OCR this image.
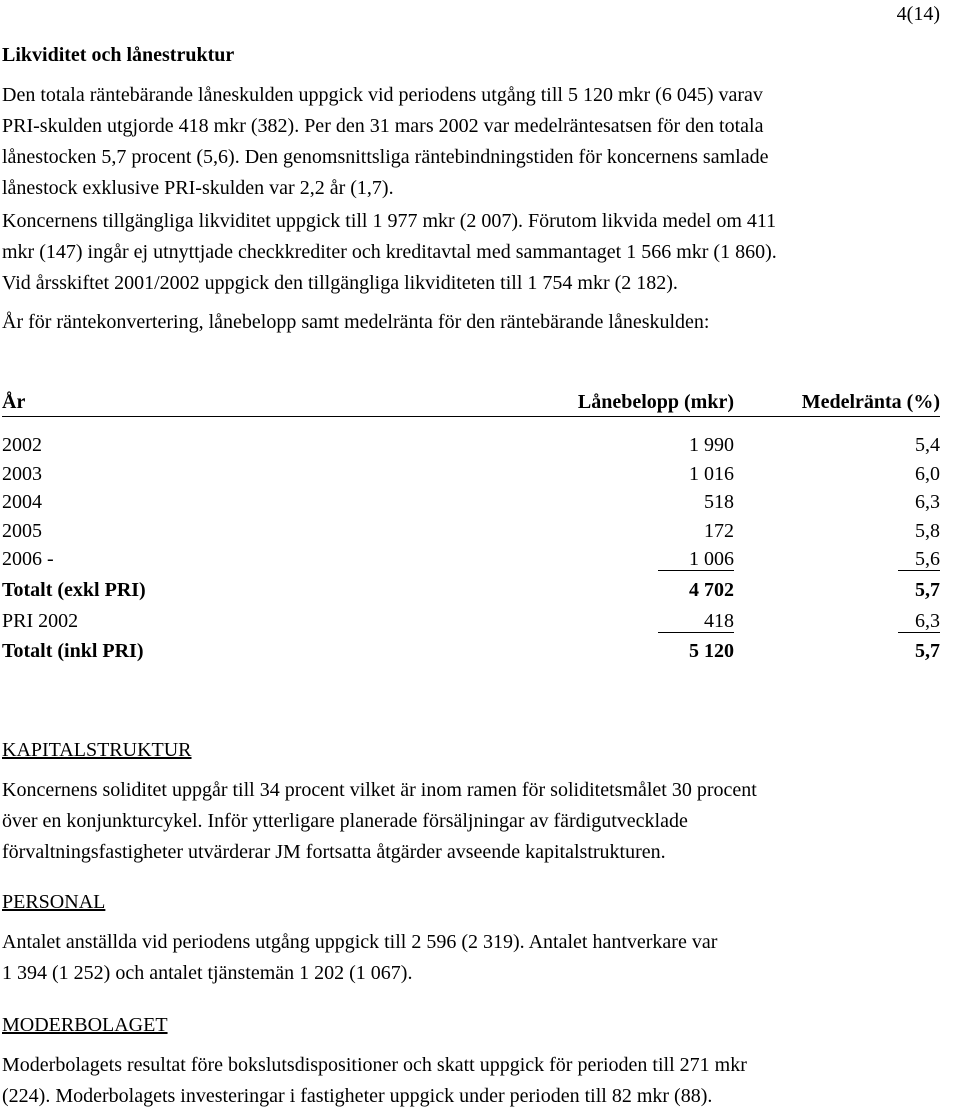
4(14)
Likviditet och lånestruktur

Den totala räntebärande låneskulden uppgick vid periodens utgång till 5 120 mkr (6 045) varav
PRI-skulden utgjorde 418 mkr (382). Per den 31 mars 2002 var medelräntesatsen för den totala
lånestocken 5,7 procent (5,6). Den genomsnittsliga räntebindningstiden för koncernens samlade
lånestock exklusive PRI-skulden var 2,2 år (1,7).

Koncernens tillgängliga likviditet uppgick till 1 977 mkr (2 007). Förutom likvida medel om 411
mkr (147) ingår ej utnyttjade checkkrediter och kreditavtal med sammantaget 1 566 mkr (1 860).
Vid årsskiftet 2001/2002 uppgick den tillgängliga likviditeten till 1 754 mkr (2 182).

År för räntekonvertering, lånebelopp samt medelränta för den räntebärande låneskulden:

År	Lånebelopp (mkr)	Medelränta (%)

2002	1 990	5,4
2003	1 016	6,0
2004	518	6,3
2005	172	5,8
2006 -	1 006	5,6
Totalt (exkl PRI)	4 702	5,7
PRI 2002	418	6,3
Totalt (inkl PRI)	5 120	5,7
KAPITALSTRUKTUR

Koncernens soliditet uppgår till 34 procent vilket är inom ramen för soliditetsmålet 30 procent
över en konjunkturcykel. Inför ytterligare planerade försäljningar av färdigutvecklade
förvaltningsfastigheter utvärderar JM fortsatta åtgärder avseende kapitalstrukturen.

PERSONAL

Antalet anställda vid periodens utgång uppgick till 2 596 (2 319). Antalet hantverkare var
1 394 (1 252) och antalet tjänstemän 1 202 (1 067).

MODERBOLAGET

Moderbolagets resultat före bokslutsdispositioner och skatt uppgick för perioden till 271 mkr
(224). Moderbolagets investeringar i fastigheter uppgick under perioden till 82 mkr (88).
